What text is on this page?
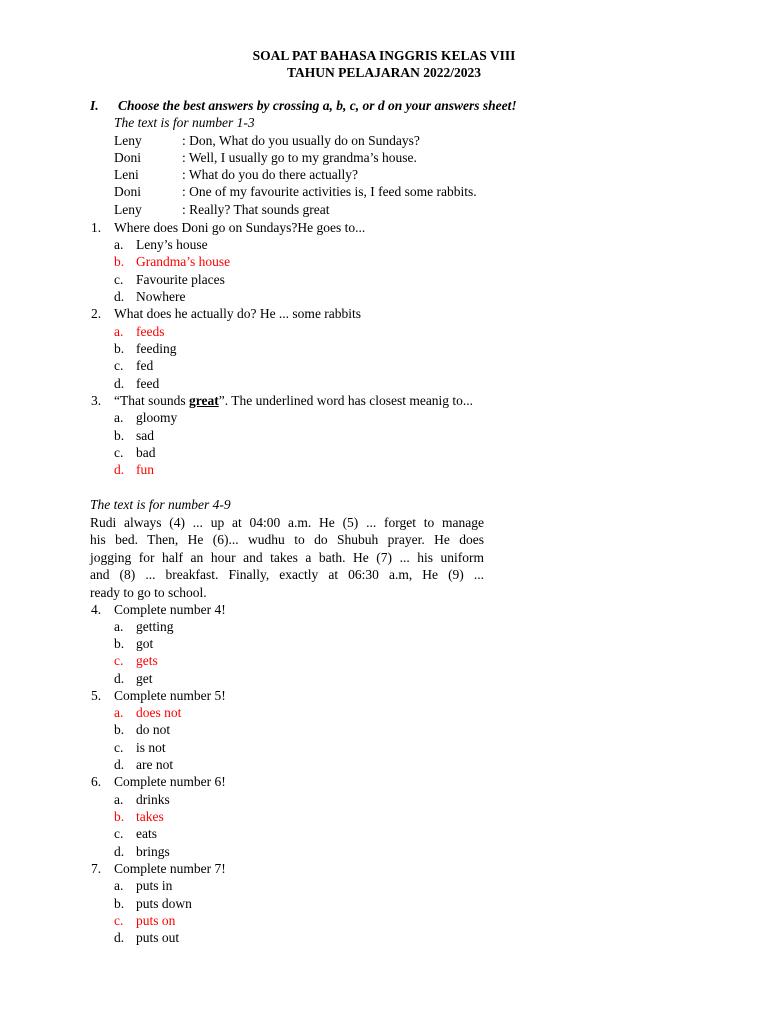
SOAL PAT BAHASA INGGRIS KELAS VIII
TAHUN PELAJARAN 2022/2023
I. Choose the best answers by crossing a, b, c, or d on your answers sheet!
The text is for number 1-3
Leny	: Don, What do you usually do on Sundays?
Doni	: Well, I usually go to my grandma’s house.
Leni	: What do you do there actually?
Doni	: One of my favourite activities is, I feed some rabbits.
Leny	: Really? That sounds great
1. Where does Doni go on Sundays?He goes to...
a. Leny’s house
b. Grandma’s house
c. Favourite places
d. Nowhere
2. What does he actually do? He ... some rabbits
a. feeds
b. feeding
c. fed
d. feed
3. “That sounds great”. The underlined word has closest meanig to...
a. gloomy
b. sad
c. bad
d. fun
The text is for number 4-9
Rudi always (4) ... up at 04:00 a.m. He (5) ... forget to manage
his bed. Then, He (6)... wudhu to do Shubuh prayer. He does
jogging for half an hour and takes a bath. He (7) ... his uniform
and (8) ... breakfast. Finally, exactly at 06:30 a.m, He (9) ...
ready to go to school.
4. Complete number 4!
a. getting
b. got
c. gets
d. get
5. Complete number 5!
a. does not
b. do not
c. is not
d. are not
6. Complete number 6!
a. drinks
b. takes
c. eats
d. brings
7. Complete number 7!
a. puts in
b. puts down
c. puts on
d. puts out
